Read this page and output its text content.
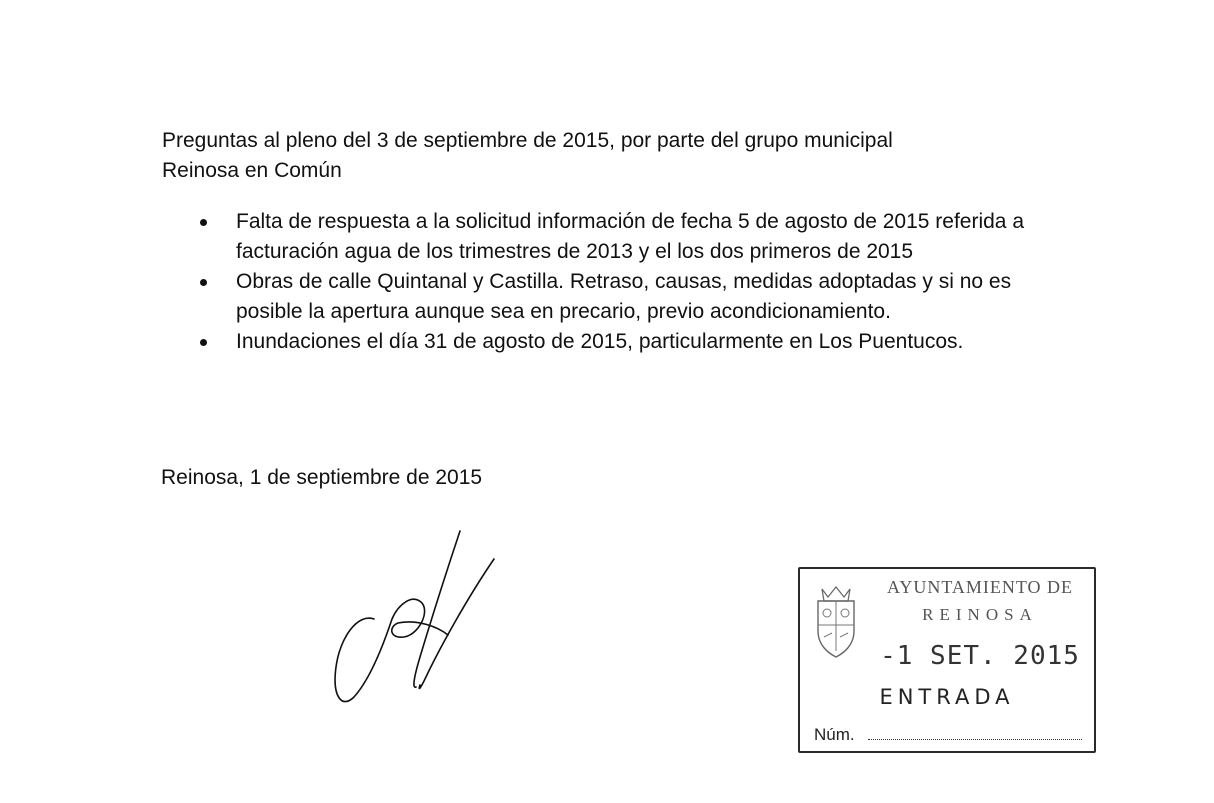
Preguntas al pleno del 3 de septiembre de 2015, por parte del grupo municipal
Reinosa en Común
Falta de respuesta a la solicitud información de fecha 5 de agosto de 2015 referida a facturación agua de los trimestres de 2013 y el los dos primeros de 2015
Obras de calle Quintanal y Castilla. Retraso, causas, medidas adoptadas y si no es posible la apertura aunque sea en precario, previo acondicionamiento.
Inundaciones el día 31 de agosto de 2015, particularmente en Los Puentucos.
Reinosa, 1 de septiembre de 2015
AYUNTAMIENTO DE
REINOSA
-1 SET. 2015
ENTRADA
Núm.
